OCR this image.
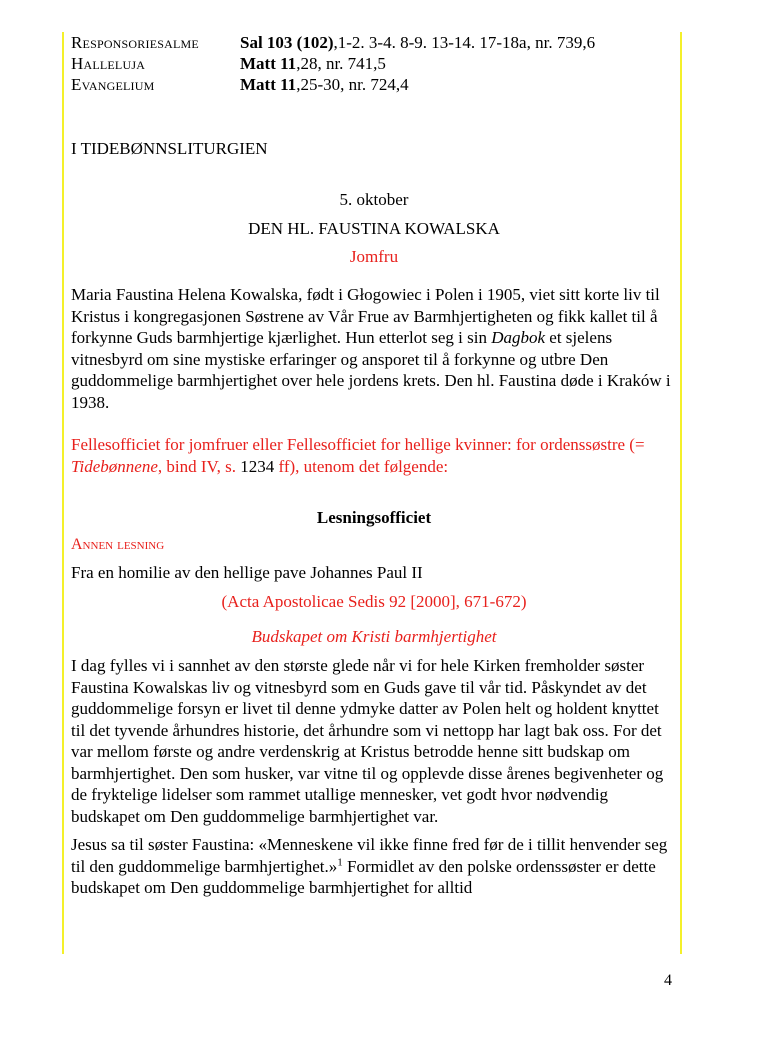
Responsoriesalme	Sal 103 (102),1-2. 3-4. 8-9. 13-14. 17-18a, nr. 739,6
Halleluja	Matt 11,28, nr. 741,5
Evangelium	Matt 11,25-30, nr. 724,4

I TIDEBØNNSLITURGIEN

5. oktober

DEN HL. FAUSTINA KOWALSKA

Jomfru

Maria Faustina Helena Kowalska, født i Głogowiec i Polen i 1905, viet sitt korte liv til Kristus i kongregasjonen Søstrene av Vår Frue av Barmhjertigheten og fikk kallet til å forkynne Guds barmhjertige kjærlighet. Hun etterlot seg i sin Dagbok et sjelens vitnesbyrd om sine mystiske erfaringer og ansporet til å forkynne og utbre Den guddommelige barmhjertighet over hele jordens krets. Den hl. Faustina døde i Kraków i 1938.

Fellesofficiet for jomfruer eller Fellesofficiet for hellige kvinner: for ordenssøstre (= Tidebønnene, bind IV, s. 1234 ff), utenom det følgende:

Lesningsofficiet

Annen lesning

Fra en homilie av den hellige pave Johannes Paul II

(Acta Apostolicae Sedis 92 [2000], 671-672)

Budskapet om Kristi barmhjertighet

I dag fylles vi i sannhet av den største glede når vi for hele Kirken fremholder søster Faustina Kowalskas liv og vitnesbyrd som en Guds gave til vår tid. Påskyndet av det guddommelige forsyn er livet til denne ydmyke datter av Polen helt og holdent knyttet til det tyvende århundres historie, det århundre som vi nettopp har lagt bak oss. For det var mellom første og andre verdenskrig at Kristus betrodde henne sitt budskap om barmhjertighet. Den som husker, var vitne til og opplevde disse årenes begivenheter og de fryktelige lidelser som rammet utallige mennesker, vet godt hvor nødvendig budskapet om Den guddommelige barmhjertighet var.

Jesus sa til søster Faustina: «Menneskene vil ikke finne fred før de i tillit henvender seg til den guddommelige barmhjertighet.»$^1$ Formidlet av den polske ordenssøster er dette budskapet om Den guddommelige barmhjertighet for alltid

4
